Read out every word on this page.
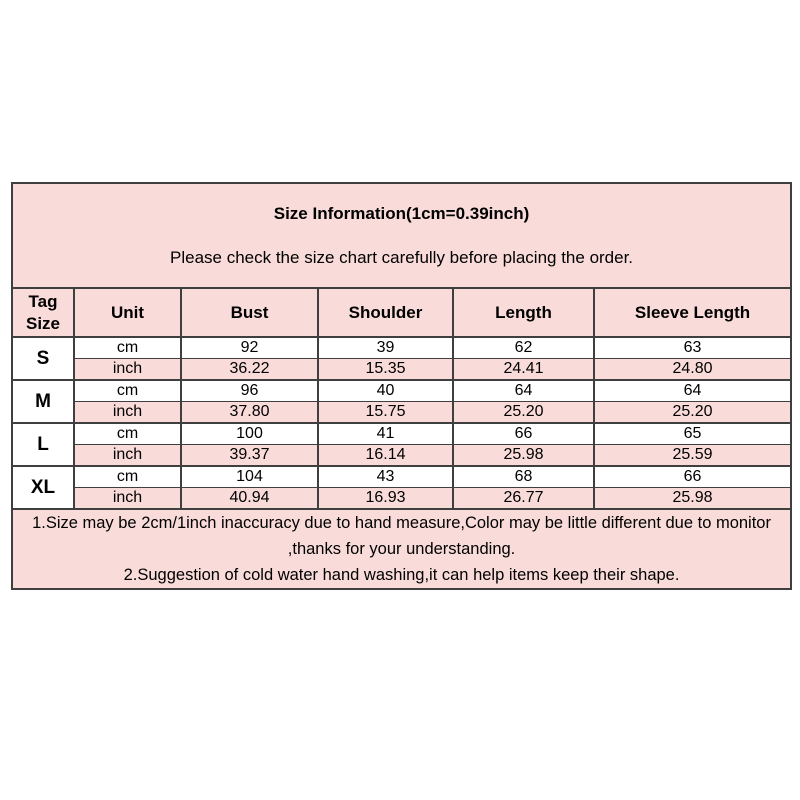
Size Information(1cm=0.39inch)
Please check the size chart carefully before placing the order.					

Tag Size	Unit	Bust	Shoulder	Length	Sleeve Length
S	cm	92	39	62	63
	inch	36.22	15.35	24.41	24.80
M	cm	96	40	64	64
	inch	37.80	15.75	25.20	25.20
L	cm	100	41	66	65
	inch	39.37	16.14	25.98	25.59
XL	cm	104	43	68	66
	inch	40.94	16.93	26.77	25.98

1.Size may be 2cm/1inch inaccuracy due to hand measure,Color may be little different due to monitor ,thanks for your understanding.
2.Suggestion of cold water hand washing,it can help items keep their shape.					
